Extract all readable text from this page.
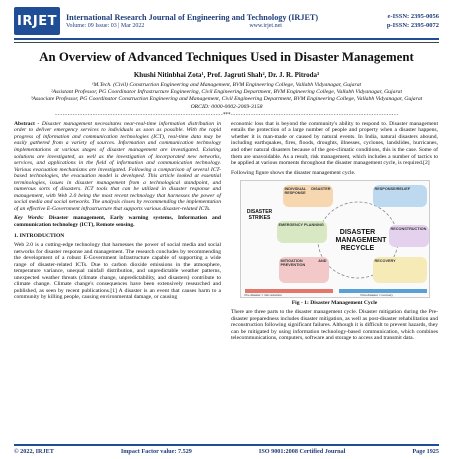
IRJET	International Research Journal of Engineering and Technology (IRJET)
Volume: 09 Issue: 03 | Mar 2022	www.irjet.net
e-ISSN: 2395-0056
p-ISSN: 2395-0072
An Overview of Advanced Techniques Used in Disaster Management
Khushi Nitinbhai Zota¹, Prof. Jagruti Shah², Dr. J. R. Pitroda³
¹M.Tech. (Civil) Construction Engineering and Management, BVM Engineering College, Vallabh Vidyanagar, Gujarat
²Assistant Professor, PG Coordinator Infrastructure Engineering, Civil Engineering Department, BVM Engineering College, Vallabh Vidyanagar, Gujarat
³Associate Professor, PG Coordinator Construction Engineering and Management, Civil Engineering Department, BVM Engineering College, Vallabh Vidyanagar, Gujarat
ORCID: 0000-0002-2069-3158
-------------------------------------------------------------------***-------------------------------------------------------------------
Abstract - Disaster management necessitates near-real-time information distribution in order to deliver emergency services to individuals as soon as possible. With the rapid progress of information and communication technologies (ICT), real-time data may be easily gathered from a variety of sources. Information and communication technology implementations at various stages of disaster management are investigated. Existing solutions are investigated, as well as the investigation of incorporated new networks, services, and applications in the field of information and communication technology. Various evacuation mechanisms are investigated. Following a comparison of several ICT-based technologies, the evacuation model is developed. This article looked at essential terminologies, issues in disaster management from a technological standpoint, and numerous sorts of disasters. ICT tools that can be utilized in disaster response and management, with Web 2.0 being the most recent technology that harnesses the power of social media and social networks. The analysis closes by recommending the implementation of an effective E-Government infrastructure that supports various disaster-related ICTs.
Key Words: Disaster management, Early warning systems, Information and communication technology (ICT), Remote sensing.
1. INTRODUCTION
Web 2.0 is a cutting-edge technology that harnesses the power of social media and social networks for disaster response and management. The research concludes by recommending the development of a robust E-Government infrastructure capable of supporting a wide range of disaster-related ICTs. Due to carbon dioxide emissions in the atmosphere, temperature variance, unequal rainfall distribution, and unpredictable weather patterns, unexpected weather threats (climate change, unpredictability, and disasters) contribute to climate change. Climate change's consequences have been extensively researched and published, as seen by recent publications.[1] A disaster is an event that causes harm to a community by killing people, causing environmental damage, or causing
economic loss that is beyond the community's ability to respond to. Disaster management entails the protection of a large number of people and property when a disaster happens, whether it is man-made or caused by natural events. In India, natural disasters abound, including earthquakes, fires, floods, droughts, illnesses, cyclones, landslides, hurricanes, and other natural disasters because of the geo-climatic conditions, this is the case. Some of them are unavoidable. As a result, risk management, which includes a number of tactics to be applied at various moments throughout the disaster management cycle, is required.[2]
Following figure shows the disaster management cycle.
DISASTER STRIKES
DISASTER MANAGEMENT RECYCLE
INDIVIDUAL DISASTER RESPONSE
RESPONSE/RELIEF
EMERGENCY PLANNING
RECONSTRUCTION
MITIGATION AND PREVENTION
RECOVERY
Pre-disaster = risk reduction	Post-disaster = recovery
Fig - 1: Disaster Management Cycle
There are three parts to the disaster management cycle. Disaster mitigation during the Pre-disaster preparedness includes disaster mitigation, as well as post-disaster rehabilitation and reconstruction following significant failures. Although it is difficult to prevent hazards, they can be mitigated by using information technology-based communication, which combines telecommunications, computers, software and storage to access and transmit data.
© 2022, IRJET	Impact Factor value: 7.529	ISO 9001:2008 Certified Journal	Page 1925
